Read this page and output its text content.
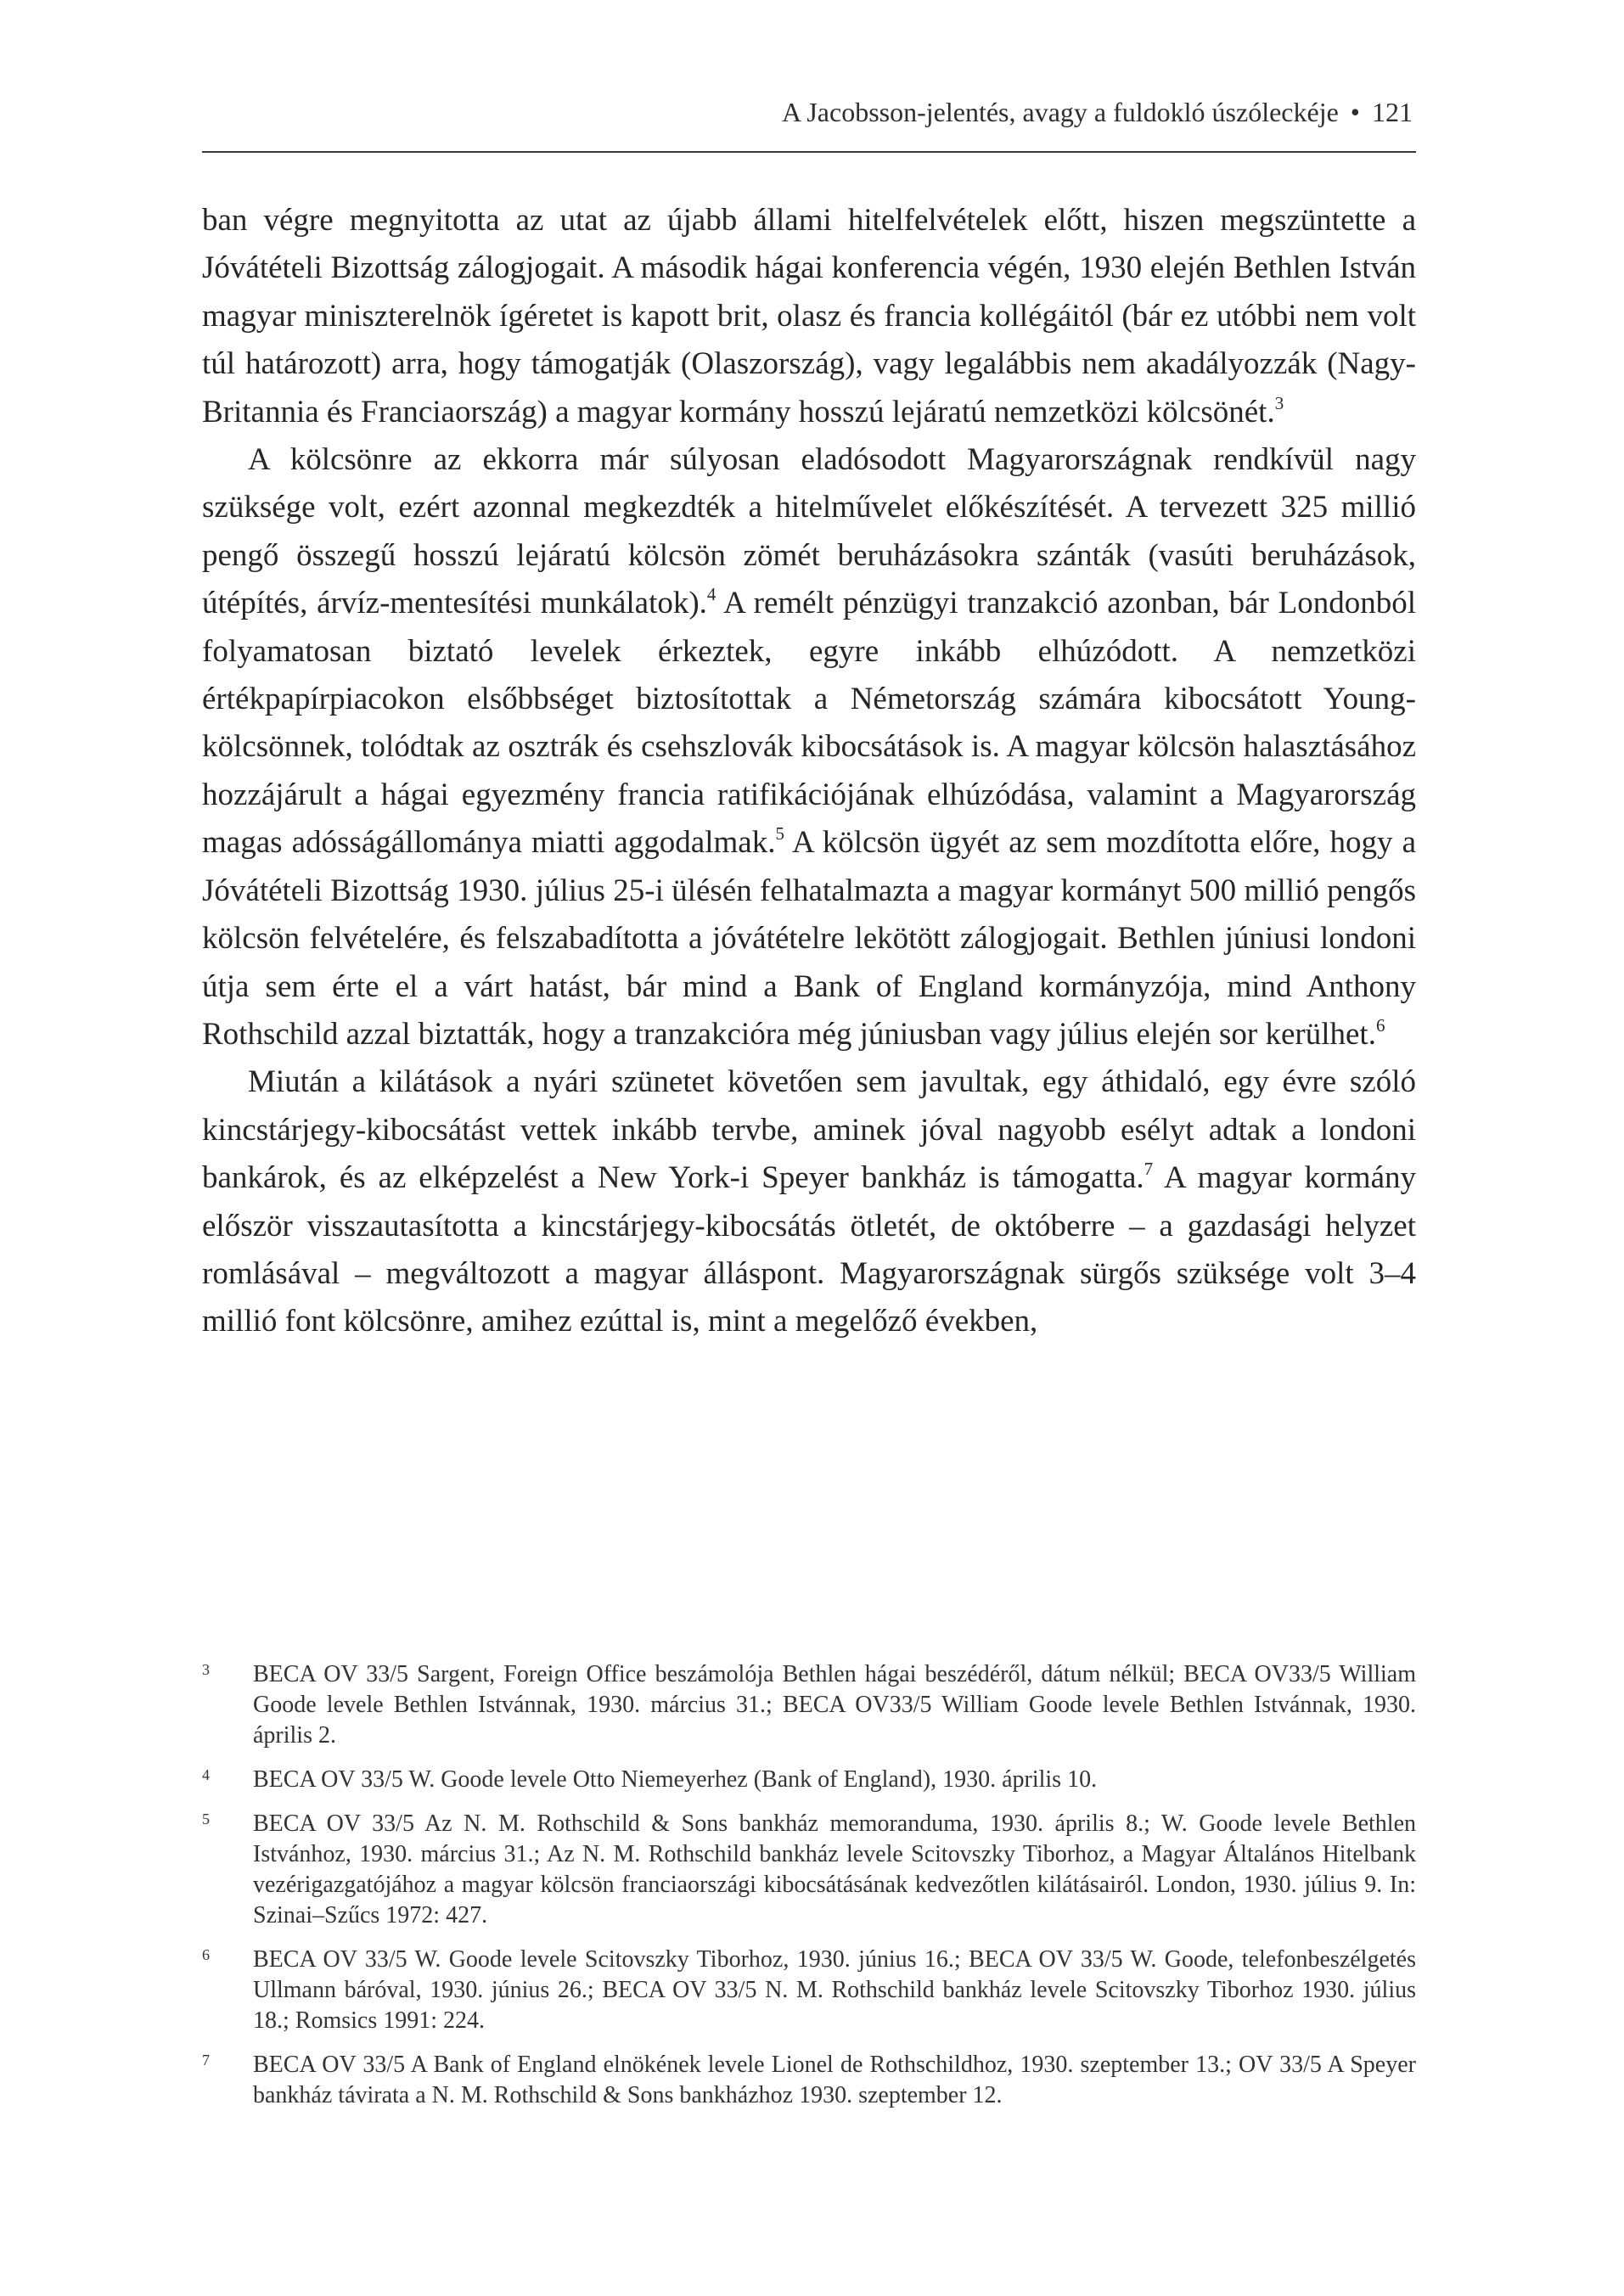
A Jacobsson-jelentés, avagy a fuldokló úszóleckéje • 121

ban végre megnyitotta az utat az újabb állami hitelfelvételek előtt, hiszen megszüntette a Jóvátételi Bizottság zálogjogait. A második hágai konferencia végén, 1930 elején Bethlen István magyar miniszterelnök ígéretet is kapott brit, olasz és francia kollégáitól (bár ez utóbbi nem volt túl határozott) arra, hogy támogatják (Olaszország), vagy legalábbis nem akadályozzák (Nagy-Britannia és Franciaország) a magyar kormány hosszú lejáratú nemzetközi kölcsönét.$^3$

A kölcsönre az ekkorra már súlyosan eladósodott Magyarországnak rendkívül nagy szüksége volt, ezért azonnal megkezdték a hitelművelet előkészítését. A tervezett 325 millió pengő összegű hosszú lejáratú kölcsön zömét beruházásokra szánták (vasúti beruházások, útépítés, árvíz-mentesítési munkálatok).$^4$ A remélt pénzügyi tranzakció azonban, bár Londonból folyamatosan biztató levelek érkeztek, egyre inkább elhúzódott. A nemzetközi értékpapírpiacokon elsőbbséget biztosítottak a Németország számára kibocsátott Young-kölcsönnek, tolódtak az osztrák és csehszlovák kibocsátások is. A magyar kölcsön halasztásához hozzájárult a hágai egyezmény francia ratifikációjának elhúzódása, valamint a Magyarország magas adósságállománya miatti aggodalmak.$^5$ A kölcsön ügyét az sem mozdította előre, hogy a Jóvátételi Bizottság 1930. július 25-i ülésén felhatalmazta a magyar kormányt 500 millió pengős kölcsön felvételére, és felszabadította a jóvátételre lekötött zálogjogait. Bethlen júniusi londoni útja sem érte el a várt hatást, bár mind a Bank of England kormányzója, mind Anthony Rothschild azzal biztatták, hogy a tranzakcióra még júniusban vagy július elején sor kerülhet.$^6$

Miután a kilátások a nyári szünetet követően sem javultak, egy áthidaló, egy évre szóló kincstárjegy-kibocsátást vettek inkább tervbe, aminek jóval nagyobb esélyt adtak a londoni bankárok, és az elképzelést a New York-i Speyer bankház is támogatta.$^7$ A magyar kormány először visszautasította a kincstárjegy-kibocsátás ötletét, de októberre – a gazdasági helyzet romlásával – megváltozott a magyar álláspont. Magyarországnak sürgős szüksége volt 3–4 millió font kölcsönre, amihez ezúttal is, mint a megelőző években,

3 BECA OV 33/5 Sargent, Foreign Office beszámolója Bethlen hágai beszédéről, dátum nélkül; BECA OV33/5 William Goode levele Bethlen Istvánnak, 1930. március 31.; BECA OV33/5 William Goode levele Bethlen Istvánnak, 1930. április 2.
4 BECA OV 33/5 W. Goode levele Otto Niemeyerhez (Bank of England), 1930. április 10.
5 BECA OV 33/5 Az N. M. Rothschild & Sons bankház memoranduma, 1930. április 8.; W. Goode levele Bethlen Istvánhoz, 1930. március 31.; Az N. M. Rothschild bankház levele Scitovszky Tiborhoz, a Magyar Általános Hitelbank vezérigazgatójához a magyar kölcsön franciaországi kibocsátásának kedvezőtlen kilátásairól. London, 1930. július 9. In: Szinai–Szűcs 1972: 427.
6 BECA OV 33/5 W. Goode levele Scitovszky Tiborhoz, 1930. június 16.; BECA OV 33/5 W. Goode, telefonbeszélgetés Ullmann báróval, 1930. június 26.; BECA OV 33/5 N. M. Rothschild bankház levele Scitovszky Tiborhoz 1930. július 18.; Romsics 1991: 224.
7 BECA OV 33/5 A Bank of England elnökének levele Lionel de Rothschildhoz, 1930. szeptember 13.; OV 33/5 A Speyer bankház távirata a N. M. Rothschild & Sons bankházhoz 1930. szeptember 12.
